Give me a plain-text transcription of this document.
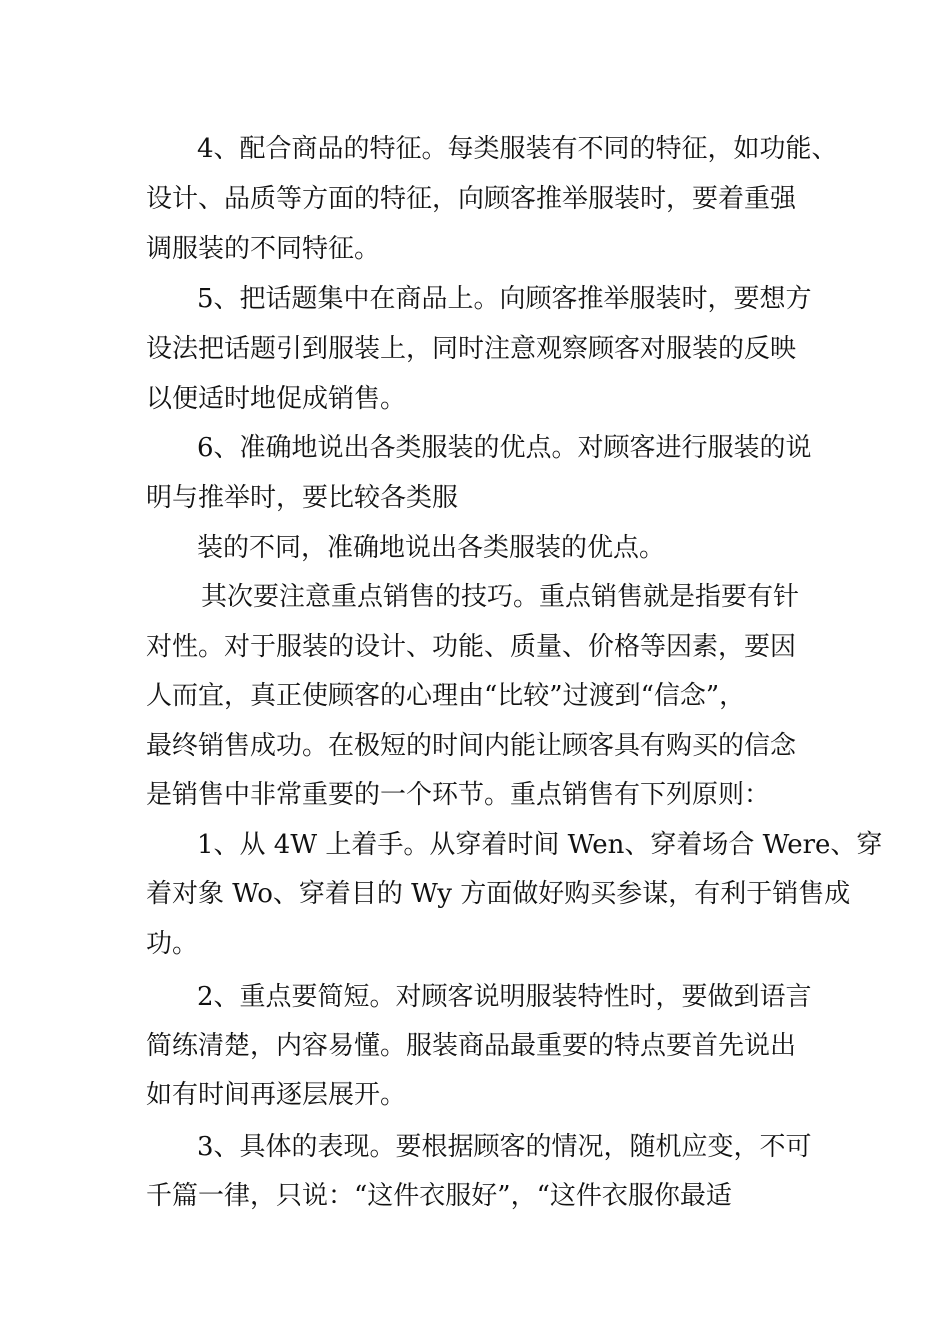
4、配合商品的特征。每类服装有不同的特征，如功能、
设计、品质等方面的特征，向顾客推举服装时，要着重强
调服装的不同特征。
5、把话题集中在商品上。向顾客推举服装时，要想方
设法把话题引到服装上，同时注意观察顾客对服装的反映
以便适时地促成销售。
6、准确地说出各类服装的优点。对顾客进行服装的说
明与推举时，要比较各类服
装的不同，准确地说出各类服装的优点。
其次要注意重点销售的技巧。重点销售就是指要有针
对性。对于服装的设计、功能、质量、价格等因素，要因
人而宜，真正使顾客的心理由“比较”过渡到“信念”，
最终销售成功。在极短的时间内能让顾客具有购买的信念
是销售中非常重要的一个环节。重点销售有下列原则：
1、从 4W 上着手。从穿着时间 Wen、穿着场合 Were、穿
着对象 Wo、穿着目的 Wy 方面做好购买参谋，有利于销售成
功。
2、重点要简短。对顾客说明服装特性时，要做到语言
简练清楚，内容易懂。服装商品最重要的特点要首先说出
如有时间再逐层展开。
3、具体的表现。要根据顾客的情况，随机应变，不可
千篇一律，只说：“这件衣服好”，“这件衣服你最适
